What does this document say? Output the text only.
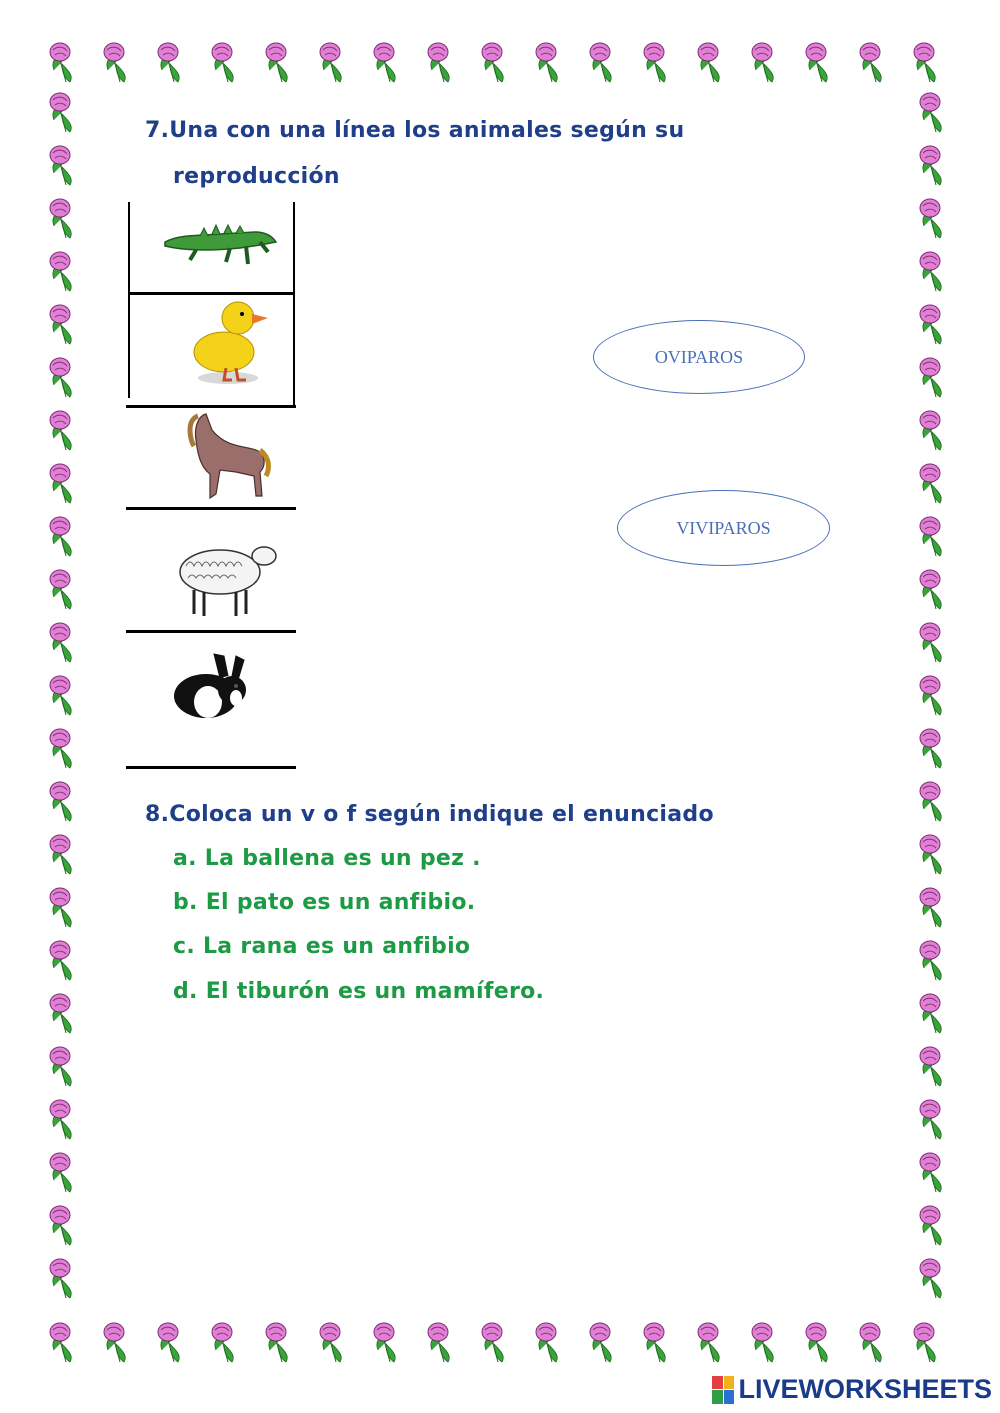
7.Una con una línea los animales según su
reproducción
OVIPAROS
VIVIPAROS
8.Coloca un v o f según indique el enunciado
a. La ballena es un pez .
b. El pato es un anfibio.
c. La rana es un anfibio
d. El tiburón es un mamífero.
LIVEWORKSHEETS
